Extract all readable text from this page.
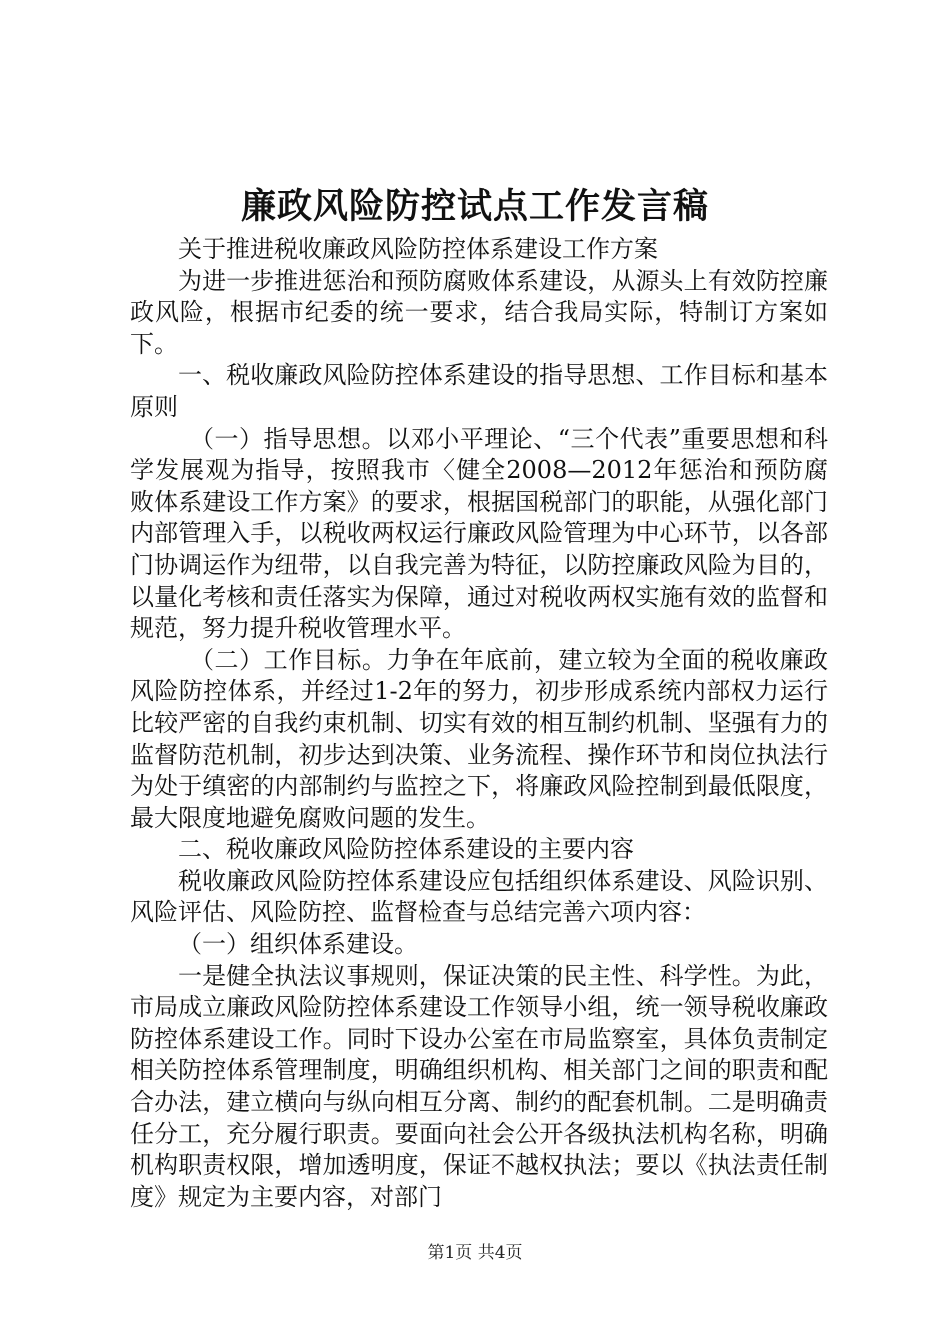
廉政风险防控试点工作发言稿

关于推进税收廉政风险防控体系建设工作方案

为进一步推进惩治和预防腐败体系建设，从源头上有效防控廉政风险，根据市纪委的统一要求，结合我局实际，特制订方案如下。

一、税收廉政风险防控体系建设的指导思想、工作目标和基本原则

（一）指导思想。以邓小平理论、“三个代表”重要思想和科学发展观为指导，按照我市〈健全2008—2012年惩治和预防腐败体系建设工作方案》的要求，根据国税部门的职能，从强化部门内部管理入手，以税收两权运行廉政风险管理为中心环节，以各部门协调运作为纽带，以自我完善为特征，以防控廉政风险为目的，以量化考核和责任落实为保障，通过对税收两权实施有效的监督和规范，努力提升税收管理水平。

（二）工作目标。力争在年底前，建立较为全面的税收廉政风险防控体系，并经过1-2年的努力，初步形成系统内部权力运行比较严密的自我约束机制、切实有效的相互制约机制、坚强有力的监督防范机制，初步达到决策、业务流程、操作环节和岗位执法行为处于缜密的内部制约与监控之下，将廉政风险控制到最低限度，最大限度地避免腐败问题的发生。

二、税收廉政风险防控体系建设的主要内容

税收廉政风险防控体系建设应包括组织体系建设、风险识别、风险评估、风险防控、监督检查与总结完善六项内容：

（一）组织体系建设。

一是健全执法议事规则，保证决策的民主性、科学性。为此，市局成立廉政风险防控体系建设工作领导小组，统一领导税收廉政防控体系建设工作。同时下设办公室在市局监察室，具体负责制定相关防控体系管理制度，明确组织机构、相关部门之间的职责和配合办法，建立横向与纵向相互分离、制约的配套机制。二是明确责任分工，充分履行职责。要面向社会公开各级执法机构名称，明确机构职责权限，增加透明度，保证不越权执法；要以《执法责任制度》规定为主要内容，对部门

第1页 共4页
